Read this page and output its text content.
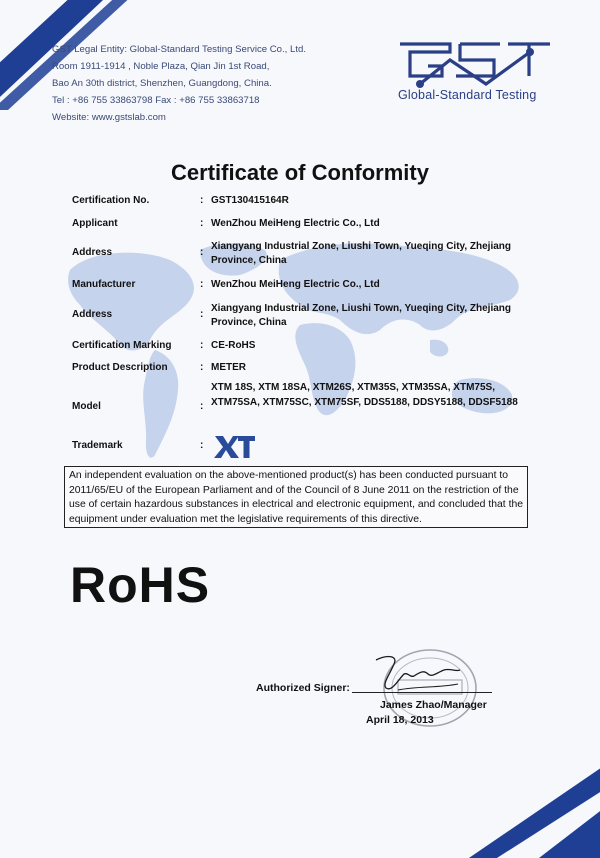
GST Legal Entity: Global-Standard Testing Service Co., Ltd.
Room 1911-1914 , Noble Plaza, Qian Jin 1st Road,
Bao An 30th district, Shenzhen, Guangdong, China.
Tel : +86 755 33863798 Fax : +86 755 33863718
Website: www.gstslab.com
Global-Standard Testing
Certificate of Conformity
Certification No.	: GST130415164R
Applicant	: WenZhou MeiHeng Electric Co., Ltd
Address	:
Xiangyang Industrial Zone, Liushi Town, Yueqing City, Zhejiang Province, China
Manufacturer	: WenZhou MeiHeng Electric Co., Ltd
Address	:
Xiangyang Industrial Zone, Liushi Town, Yueqing City, Zhejiang Province, China
Certification Marking	: CE-RoHS
Product Description	: METER
Model	:
XTM 18S, XTM 18SA, XTM26S, XTM35S, XTM35SA, XTM75S, XTM75SA, XTM75SC, XTM75SF, DDS5188, DDSY5188, DDSF5188
Trademark	:
An independent evaluation on the above-mentioned product(s) has been conducted pursuant to 2011/65/EU of the European Parliament and of the Council of 8 June 2011 on the restriction of the use of certain hazardous substances in electrical and electronic equipment, and concluded that the equipment under evaluation met the legislative requirements of this directive.
RoHS
Authorized Signer:
James Zhao/Manager
April 18, 2013
